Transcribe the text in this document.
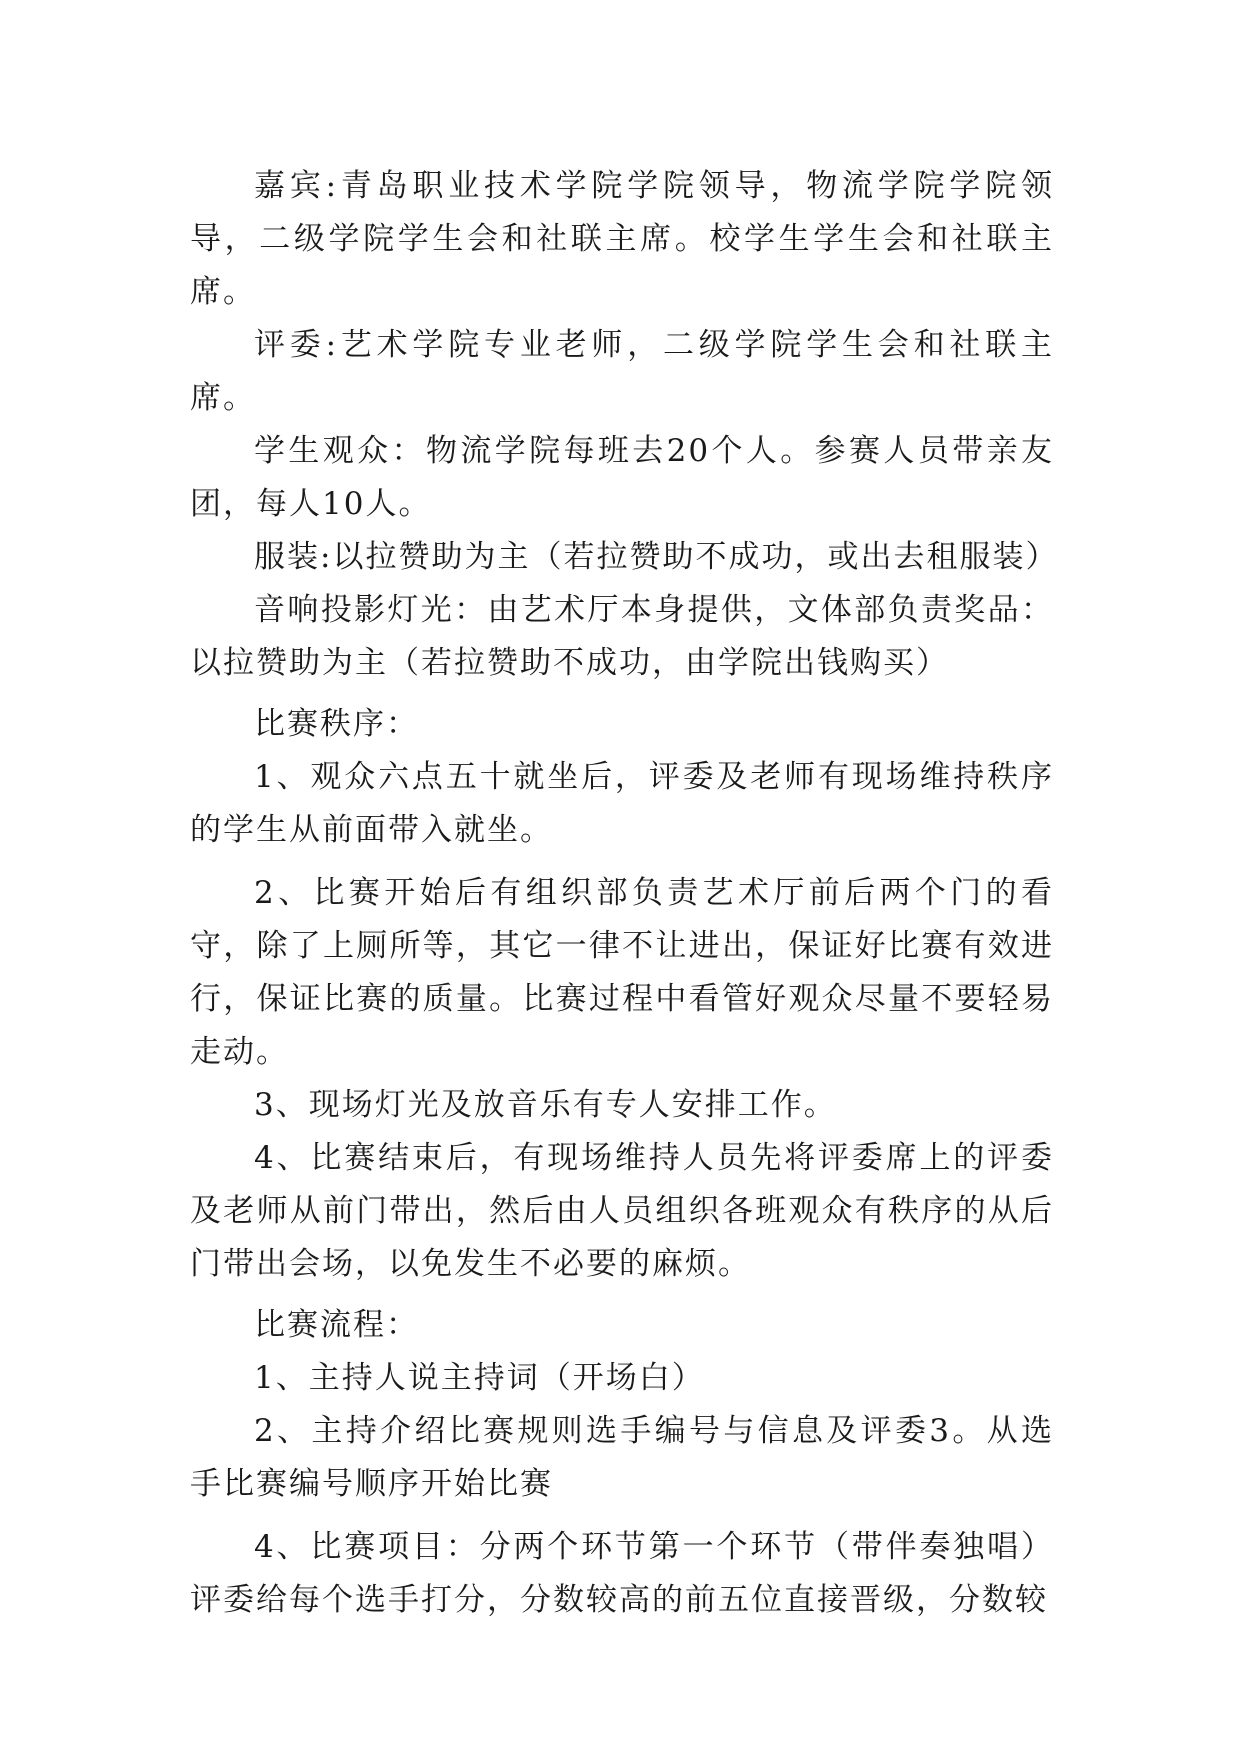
嘉宾:青岛职业技术学院学院领导，物流学院学院领导，二级学院学生会和社联主席。校学生学生会和社联主席。

评委:艺术学院专业老师，二级学院学生会和社联主席。

学生观众：物流学院每班去20个人。参赛人员带亲友团，每人10人。

服装:以拉赞助为主（若拉赞助不成功，或出去租服装）

音响投影灯光：由艺术厅本身提供，文体部负责奖品：以拉赞助为主（若拉赞助不成功，由学院出钱购买）

比赛秩序：

1、观众六点五十就坐后，评委及老师有现场维持秩序的学生从前面带入就坐。

2、比赛开始后有组织部负责艺术厅前后两个门的看守，除了上厕所等，其它一律不让进出，保证好比赛有效进行，保证比赛的质量。比赛过程中看管好观众尽量不要轻易走动。

3、现场灯光及放音乐有专人安排工作。

4、比赛结束后，有现场维持人员先将评委席上的评委及老师从前门带出，然后由人员组织各班观众有秩序的从后门带出会场，以免发生不必要的麻烦。

比赛流程：

1、主持人说主持词（开场白）

2、主持介绍比赛规则选手编号与信息及评委3。从选手比赛编号顺序开始比赛

4、比赛项目：分两个环节第一个环节（带伴奏独唱）评委给每个选手打分，分数较高的前五位直接晋级，分数较
